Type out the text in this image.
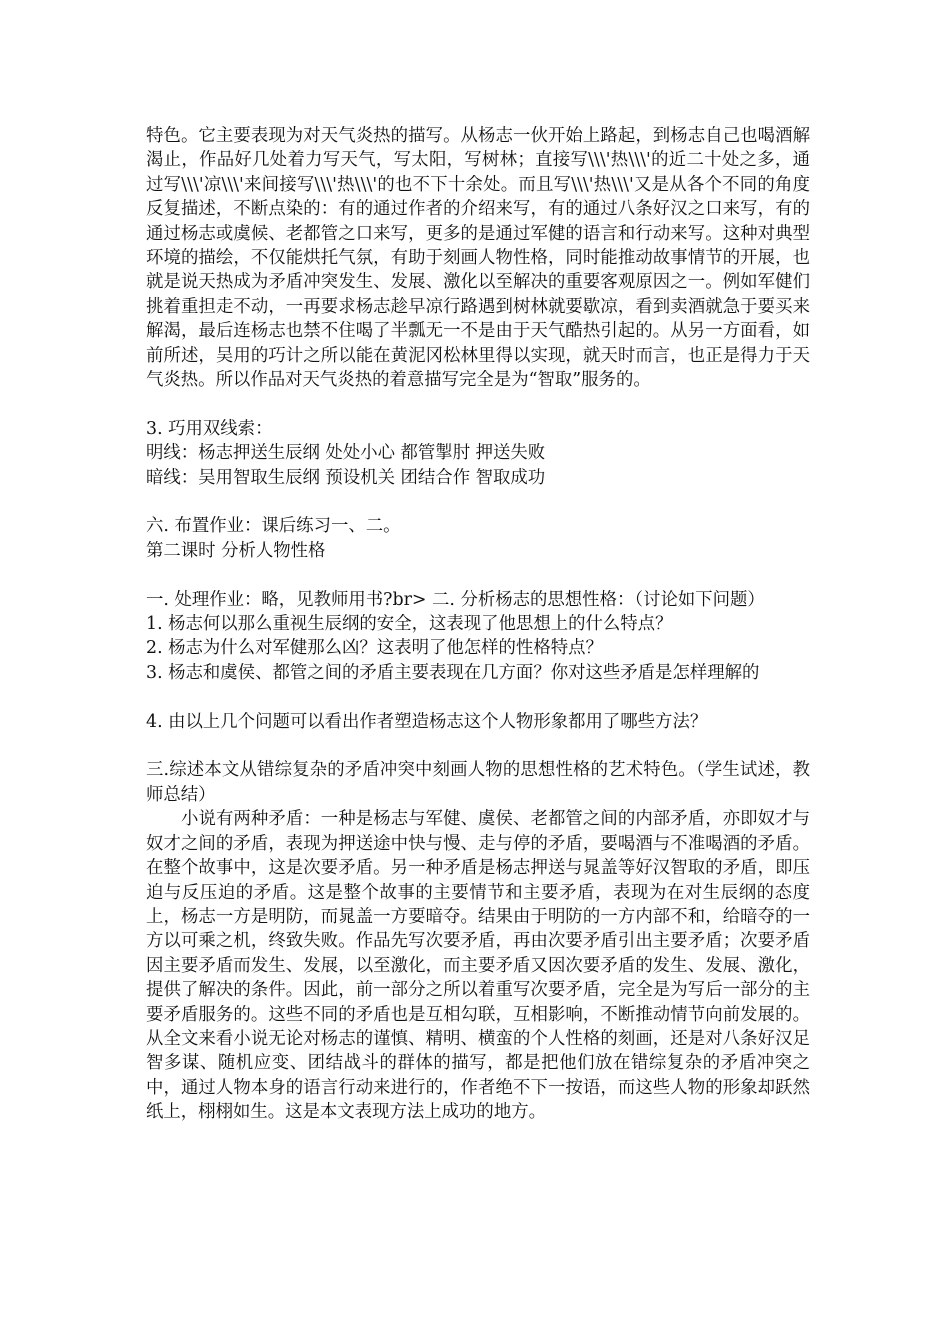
特色。它主要表现为对天气炎热的描写。从杨志一伙开始上路起，到杨志自己也喝酒解渴止，作品好几处着力写天气，写太阳，写树林；直接写\\\'热\\\'的近二十处之多，通过写\\\'凉\\\'来间接写\\\'热\\\'的也不下十余处。而且写\\\'热\\\'又是从各个不同的角度反复描述，不断点染的：有的通过作者的介绍来写，有的通过八条好汉之口来写，有的通过杨志或虞候、老都管之口来写，更多的是通过军健的语言和行动来写。这种对典型环境的描绘，不仅能烘托气氛，有助于刻画人物性格，同时能推动故事情节的开展，也就是说天热成为矛盾冲突发生、发展、激化以至解决的重要客观原因之一。例如军健们挑着重担走不动，一再要求杨志趁早凉行路遇到树林就要歇凉，看到卖酒就急于要买来解渴，最后连杨志也禁不住喝了半瓢无一不是由于天气酷热引起的。从另一方面看，如前所述，吴用的巧计之所以能在黄泥冈松林里得以实现，就天时而言，也正是得力于天气炎热。所以作品对天气炎热的着意描写完全是为“智取”服务的。

3. 巧用双线索：

明线：杨志押送生辰纲 处处小心 都管掣肘 押送失败

暗线：吴用智取生辰纲 预设机关 团结合作 智取成功

六. 布置作业：课后练习一、二。

第二课时 分析人物性格

一. 处理作业：略，见教师用书?br> 二. 分析杨志的思想性格：（讨论如下问题）

1. 杨志何以那么重视生辰纲的安全，这表现了他思想上的什么特点？

2. 杨志为什么对军健那么凶？这表明了他怎样的性格特点？

3. 杨志和虞侯、都管之间的矛盾主要表现在几方面？你对这些矛盾是怎样理解的

4. 由以上几个问题可以看出作者塑造杨志这个人物形象都用了哪些方法？

三.综述本文从错综复杂的矛盾冲突中刻画人物的思想性格的艺术特色。（学生试述，教师总结）

小说有两种矛盾：一种是杨志与军健、虞侯、老都管之间的内部矛盾，亦即奴才与奴才之间的矛盾，表现为押送途中快与慢、走与停的矛盾，要喝酒与不准喝酒的矛盾。在整个故事中，这是次要矛盾。另一种矛盾是杨志押送与晁盖等好汉智取的矛盾，即压迫与反压迫的矛盾。这是整个故事的主要情节和主要矛盾，表现为在对生辰纲的态度上，杨志一方是明防，而晁盖一方要暗夺。结果由于明防的一方内部不和，给暗夺的一方以可乘之机，终致失败。作品先写次要矛盾，再由次要矛盾引出主要矛盾；次要矛盾因主要矛盾而发生、发展，以至激化，而主要矛盾又因次要矛盾的发生、发展、激化，提供了解决的条件。因此，前一部分之所以着重写次要矛盾，完全是为写后一部分的主要矛盾服务的。这些不同的矛盾也是互相勾联，互相影响，不断推动情节向前发展的。从全文来看小说无论对杨志的谨慎、精明、横蛮的个人性格的刻画，还是对八条好汉足智多谋、随机应变、团结战斗的群体的描写，都是把他们放在错综复杂的矛盾冲突之中，通过人物本身的语言行动来进行的，作者绝不下一按语，而这些人物的形象却跃然纸上，栩栩如生。这是本文表现方法上成功的地方。
